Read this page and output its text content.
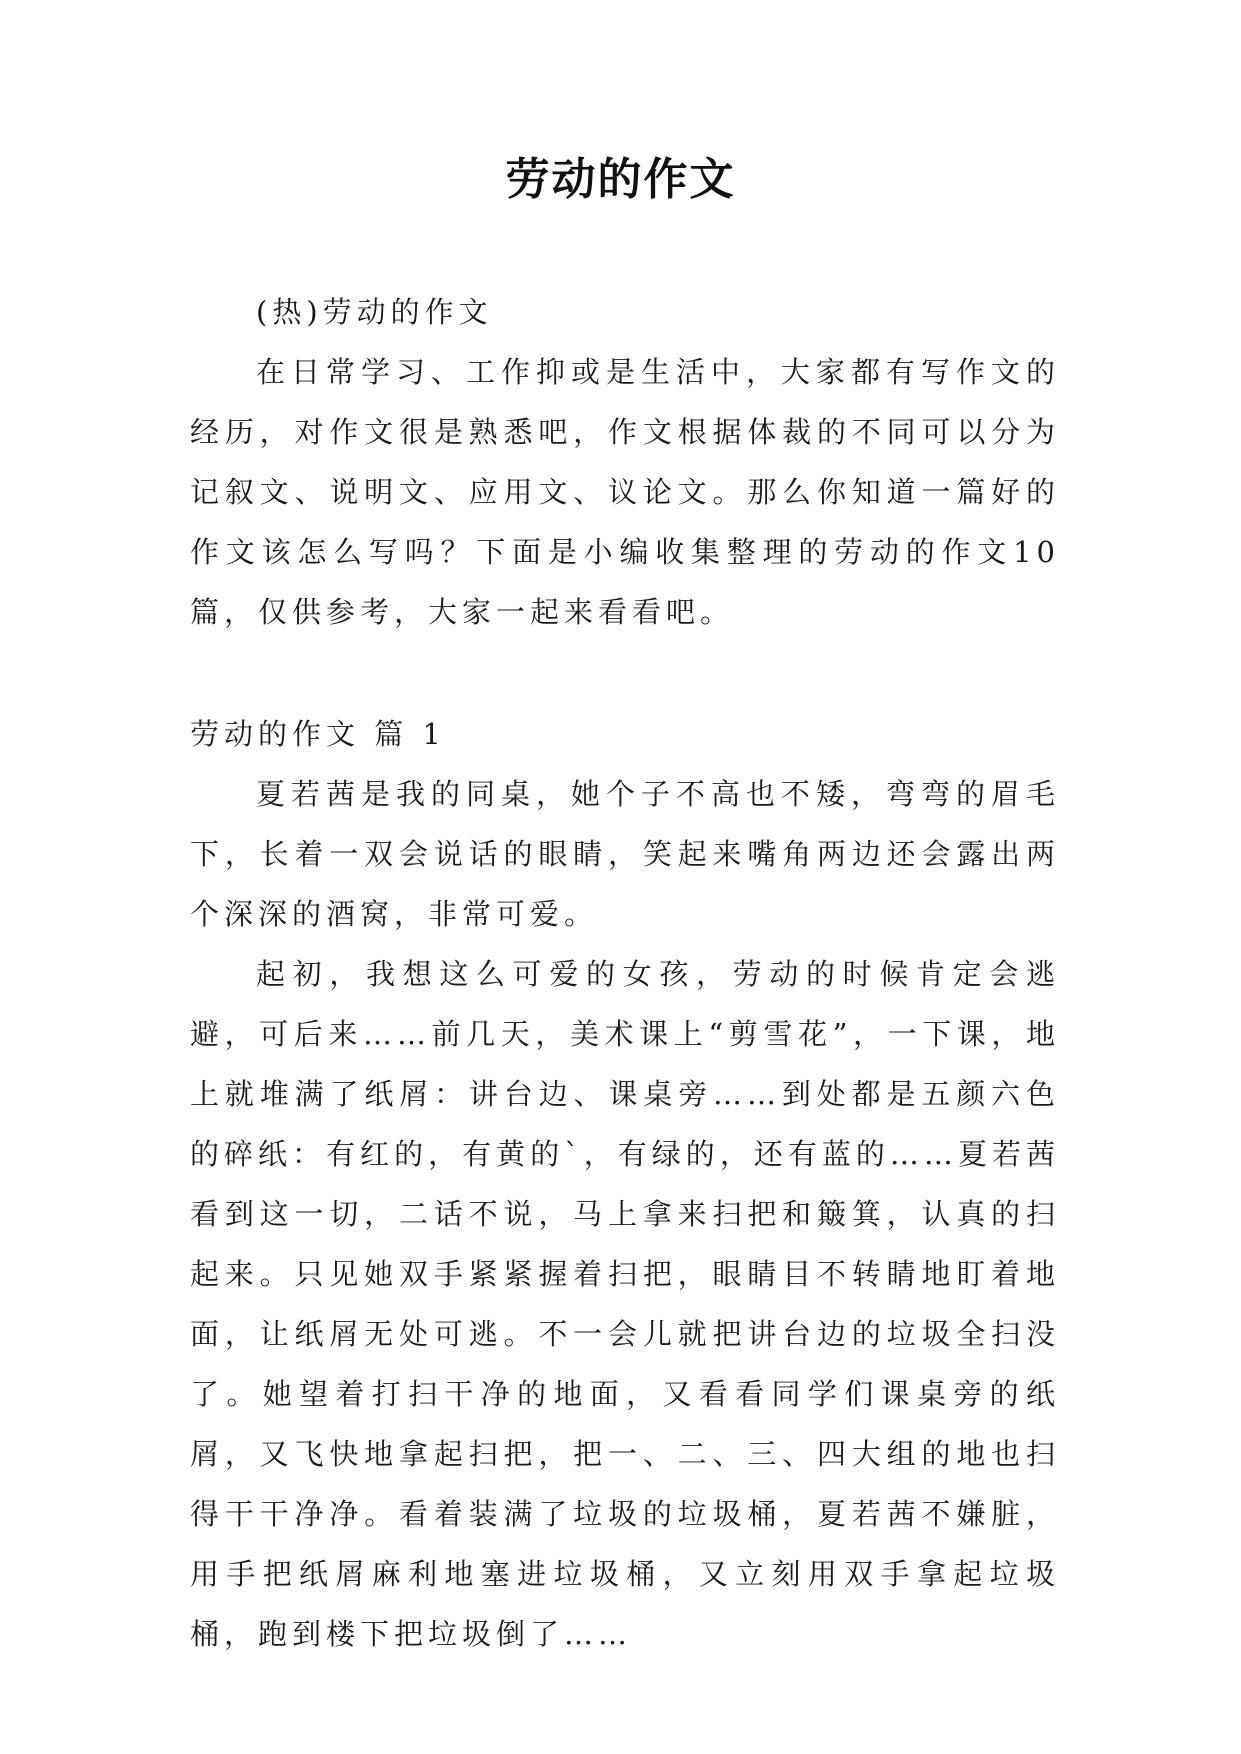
劳动的作文

(热)劳动的作文

在日常学习、工作抑或是生活中，大家都有写作文的经历，对作文很是熟悉吧，作文根据体裁的不同可以分为记叙文、说明文、应用文、议论文。那么你知道一篇好的作文该怎么写吗？下面是小编收集整理的劳动的作文10篇，仅供参考，大家一起来看看吧。

劳动的作文 篇 1

夏若茜是我的同桌，她个子不高也不矮，弯弯的眉毛下，长着一双会说话的眼睛，笑起来嘴角两边还会露出两个深深的酒窝，非常可爱。

起初，我想这么可爱的女孩，劳动的时候肯定会逃避，可后来……前几天，美术课上“剪雪花”，一下课，地上就堆满了纸屑：讲台边、课桌旁……到处都是五颜六色的碎纸：有红的，有黄的`，有绿的，还有蓝的……夏若茜看到这一切，二话不说，马上拿来扫把和簸箕，认真的扫起来。只见她双手紧紧握着扫把，眼睛目不转睛地盯着地面，让纸屑无处可逃。不一会儿就把讲台边的垃圾全扫没了。她望着打扫干净的地面，又看看同学们课桌旁的纸屑，又飞快地拿起扫把，把一、二、三、四大组的地也扫得干干净净。看着装满了垃圾的垃圾桶，夏若茜不嫌脏，用手把纸屑麻利地塞进垃圾桶，又立刻用双手拿起垃圾桶，跑到楼下把垃圾倒了……
